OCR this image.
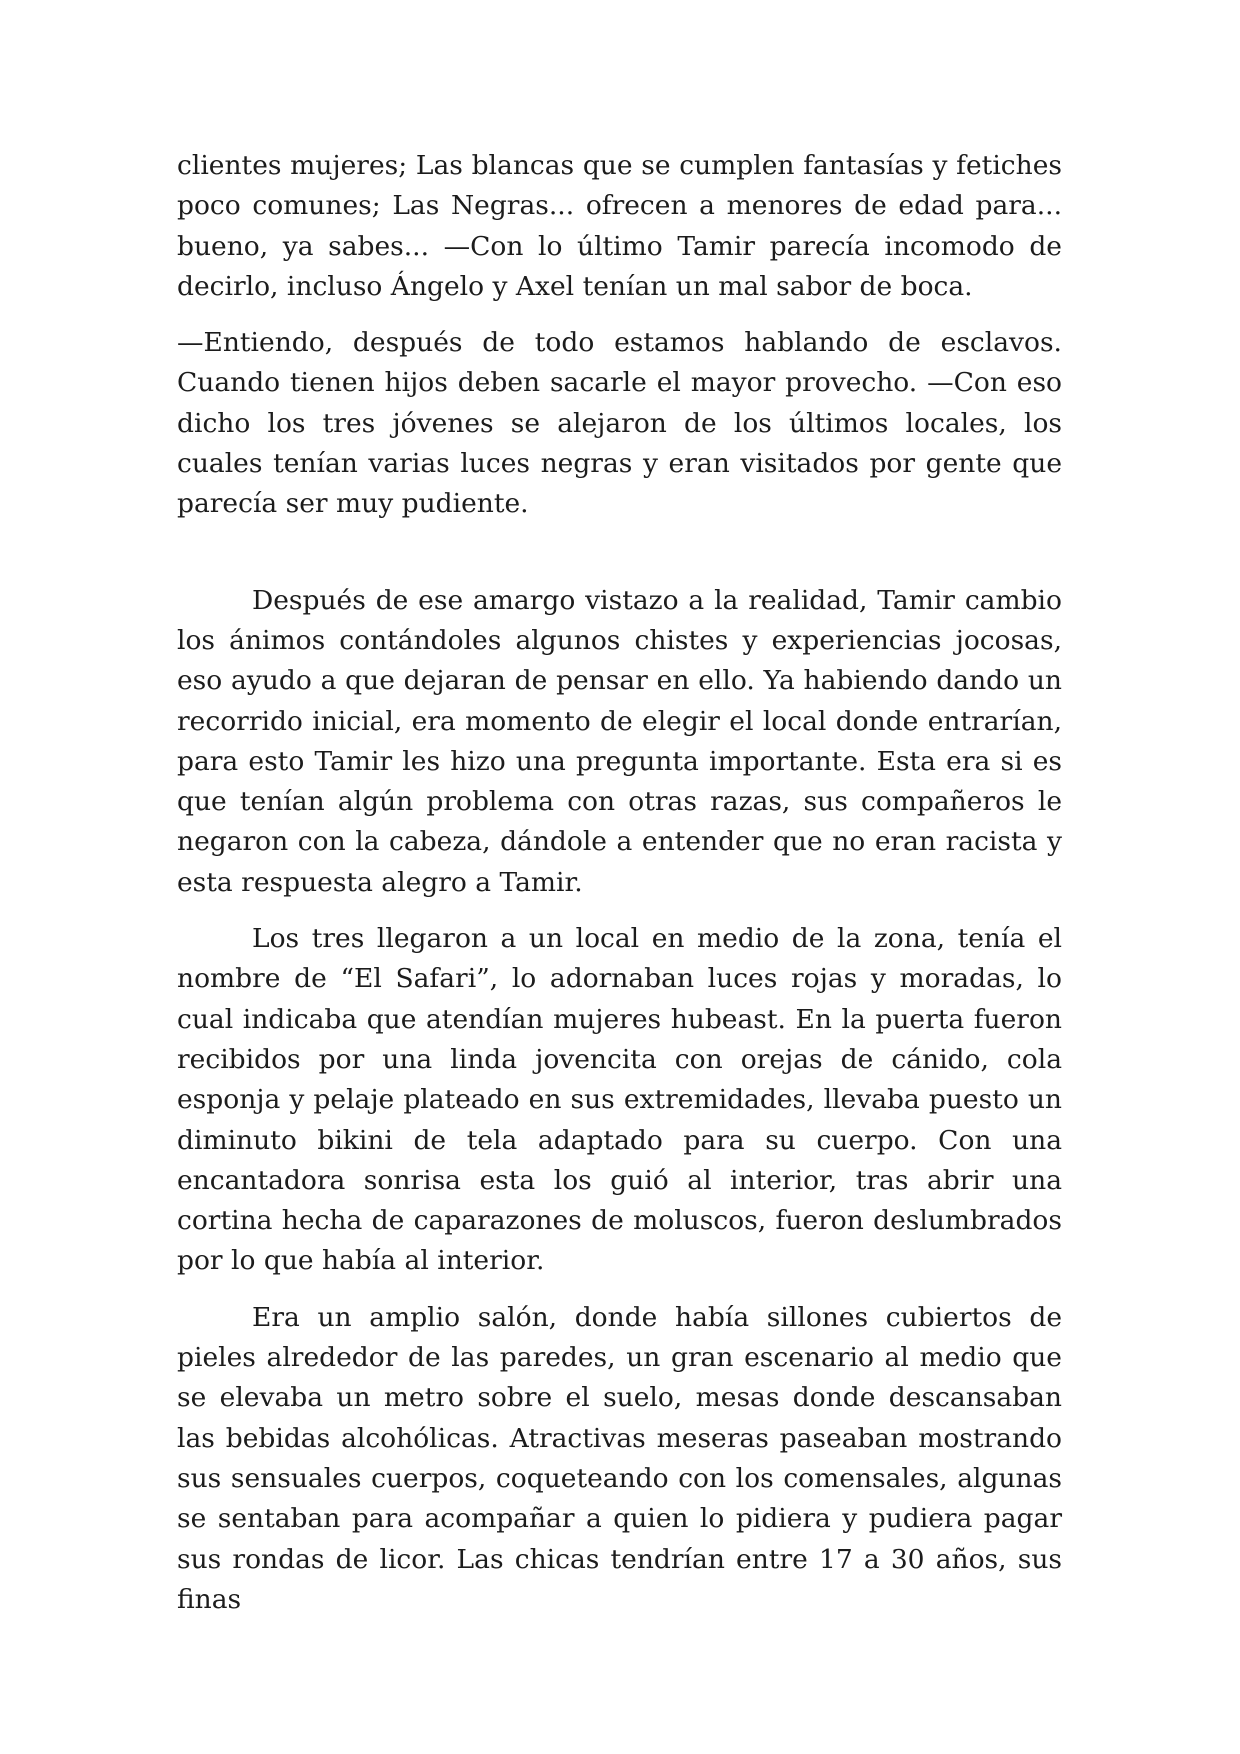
clientes mujeres; Las blancas que se cumplen fantasías y fetiches poco comunes; Las Negras... ofrecen a menores de edad para... bueno, ya sabes... —Con lo último Tamir parecía incomodo de decirlo, incluso Ángelo y Axel tenían un mal sabor de boca.

—Entiendo, después de todo estamos hablando de esclavos. Cuando tienen hijos deben sacarle el mayor provecho. —Con eso dicho los tres jóvenes se alejaron de los últimos locales, los cuales tenían varias luces negras y eran visitados por gente que parecía ser muy pudiente.

Después de ese amargo vistazo a la realidad, Tamir cambio los ánimos contándoles algunos chistes y experiencias jocosas, eso ayudo a que dejaran de pensar en ello. Ya habiendo dando un recorrido inicial, era momento de elegir el local donde entrarían, para esto Tamir les hizo una pregunta importante. Esta era si es que tenían algún problema con otras razas, sus compañeros le negaron con la cabeza, dándole a entender que no eran racista y esta respuesta alegro a Tamir.

Los tres llegaron a un local en medio de la zona, tenía el nombre de “El Safari”, lo adornaban luces rojas y moradas, lo cual indicaba que atendían mujeres hubeast. En la puerta fueron recibidos por una linda jovencita con orejas de cánido, cola esponja y pelaje plateado en sus extremidades, llevaba puesto un diminuto bikini de tela adaptado para su cuerpo. Con una encantadora sonrisa esta los guió al interior, tras abrir una cortina hecha de caparazones de moluscos, fueron deslumbrados por lo que había al interior.

Era un amplio salón, donde había sillones cubiertos de pieles alrededor de las paredes, un gran escenario al medio que se elevaba un metro sobre el suelo, mesas donde descansaban las bebidas alcohólicas. Atractivas meseras paseaban mostrando sus sensuales cuerpos, coqueteando con los comensales, algunas se sentaban para acompañar a quien lo pidiera y pudiera pagar sus rondas de licor. Las chicas tendrían entre 17 a 30 años, sus finas
